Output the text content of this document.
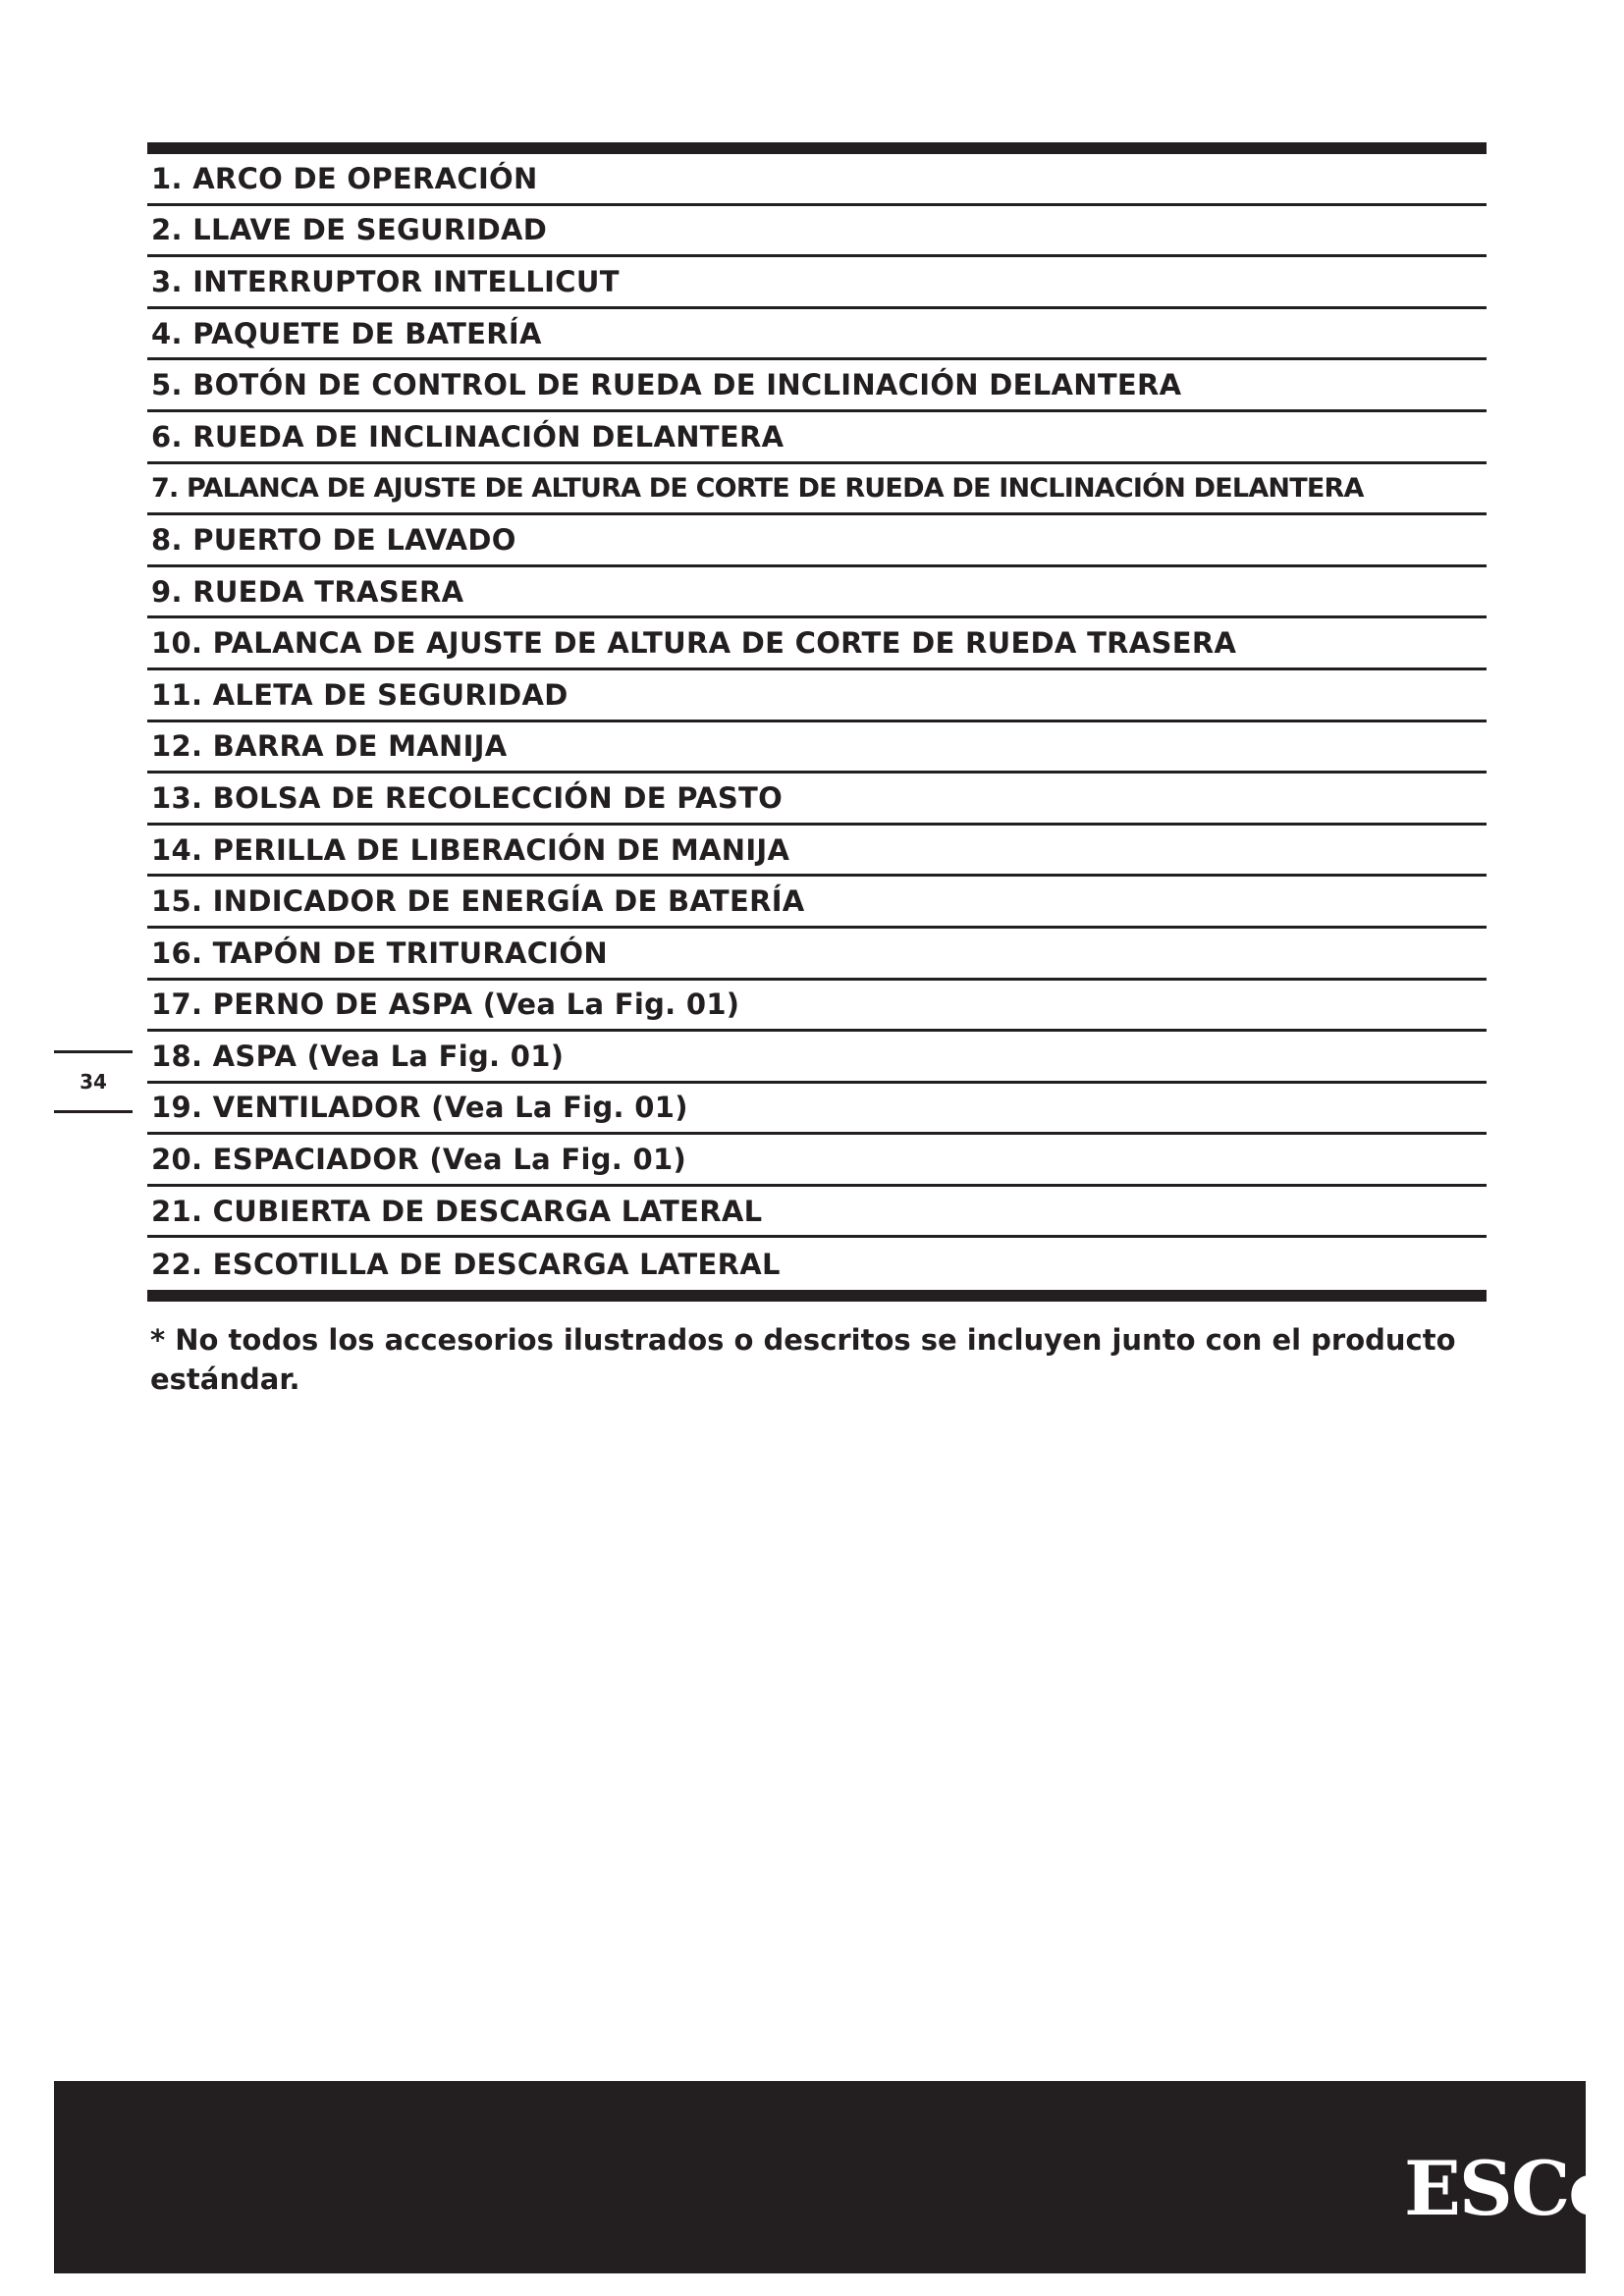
1. ARCO DE OPERACIÓN
2. LLAVE DE SEGURIDAD
3. INTERRUPTOR INTELLICUT
4. PAQUETE DE BATERÍA
5. BOTÓN DE CONTROL DE RUEDA DE INCLINACIÓN DELANTERA
6. RUEDA DE INCLINACIÓN DELANTERA
7. PALANCA DE AJUSTE DE ALTURA DE CORTE DE RUEDA DE INCLINACIÓN DELANTERA
8. PUERTO DE LAVADO
9. RUEDA TRASERA
10. PALANCA DE AJUSTE DE ALTURA DE CORTE DE RUEDA TRASERA
11. ALETA DE SEGURIDAD
12. BARRA DE MANIJA
13. BOLSA DE RECOLECCIÓN DE PASTO
14. PERILLA DE LIBERACIÓN DE MANIJA
15. INDICADOR DE ENERGÍA DE BATERÍA
16. TAPÓN DE TRITURACIÓN
17. PERNO DE ASPA (Vea La Fig. 01)
18. ASPA (Vea La Fig. 01)
19. VENTILADOR (Vea La Fig. 01)
20. ESPACIADOR (Vea La Fig. 01)
21. CUBIERTA DE DESCARGA LATERAL
22. ESCOTILLA DE DESCARGA LATERAL
34
* No todos los accesorios ilustrados o descritos se incluyen junto con el producto estándar.
ESCo
